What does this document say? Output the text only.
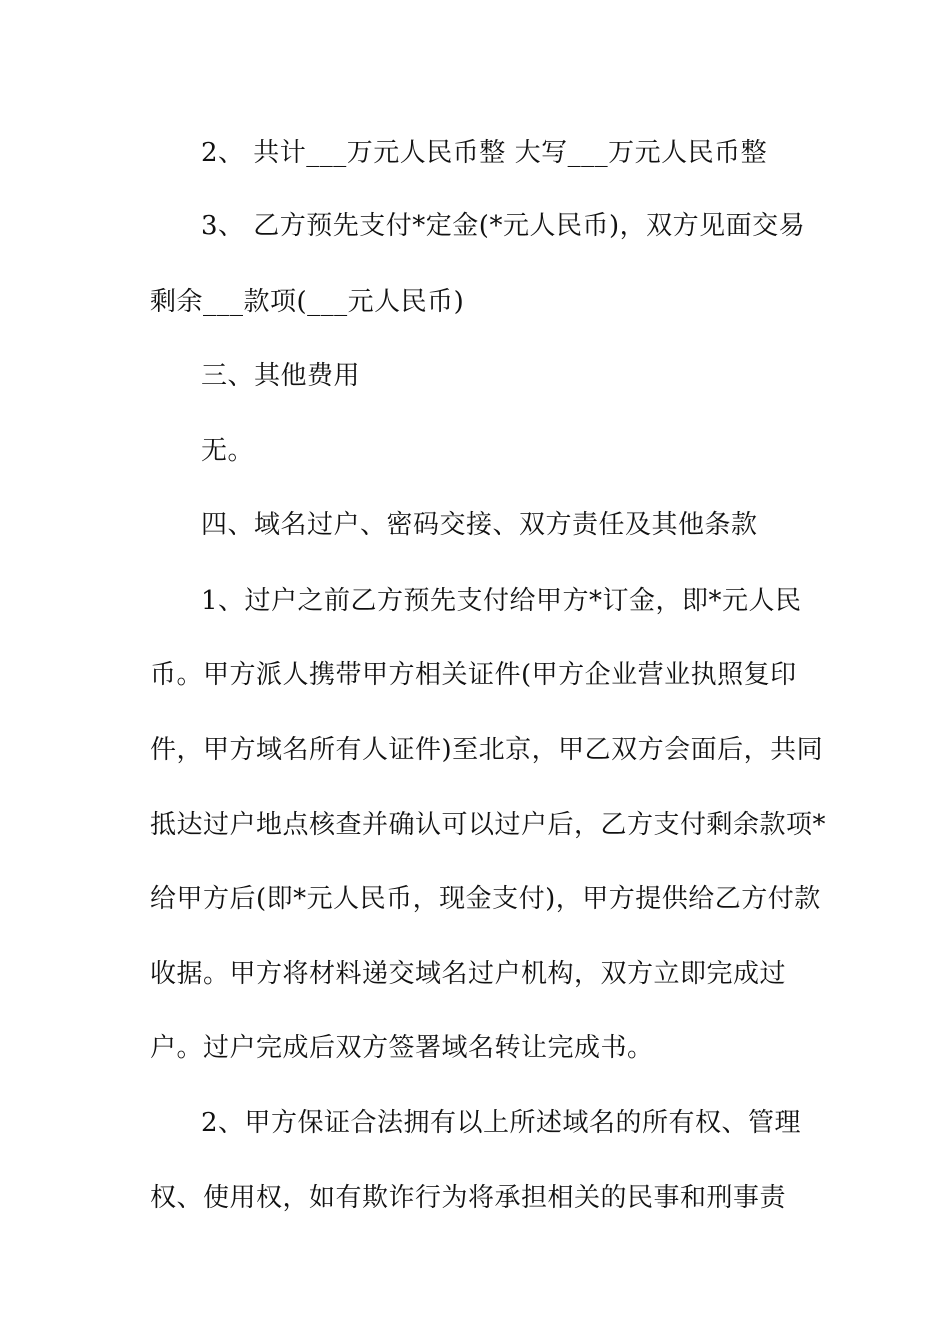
2、 共计___万元人民币整 大写___万元人民币整
3、 乙方预先支付*定金(*元人民币)，双方见面交易
剩余___款项(___元人民币)
三、其他费用
无。
四、域名过户、密码交接、双方责任及其他条款
1、过户之前乙方预先支付给甲方*订金，即*元人民
币。甲方派人携带甲方相关证件(甲方企业营业执照复印
件，甲方域名所有人证件)至北京，甲乙双方会面后，共同
抵达过户地点核查并确认可以过户后，乙方支付剩余款项*
给甲方后(即*元人民币，现金支付)，甲方提供给乙方付款
收据。甲方将材料递交域名过户机构，双方立即完成过
户。过户完成后双方签署域名转让完成书。
2、甲方保证合法拥有以上所述域名的所有权、管理
权、使用权，如有欺诈行为将承担相关的民事和刑事责
